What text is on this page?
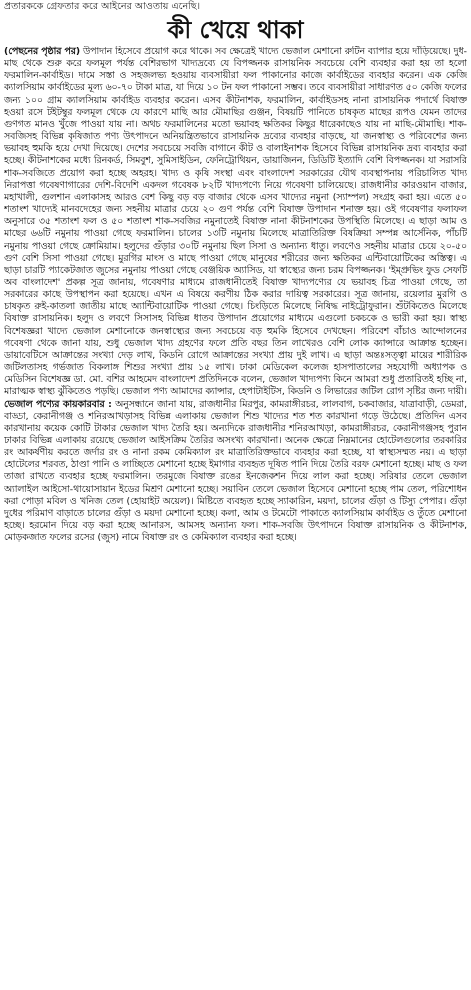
প্রতারককে গ্রেফতার করে আইনের আওতায় এনেছি।
কী খেয়ে থাকা

(পেছনের পৃষ্ঠার পর) উপাদান হিসেবে প্রয়োগ করে থাকে। সব ক্ষেত্রেই খাদ্যে ভেজাল মেশানো রুটিন ব্যাপার হয়ে দাঁড়িয়েছে। দুধ-মাছ থেকে শুরু করে ফলমূল পর্যন্ত বেশিরভাগ খাদ্যদ্রব্যে যে বিপজ্জনক রাসায়নিক সবচেয়ে বেশি ব্যবহার করা হয় তা হলো ফরমালিন-কার্বাইড। দামে সস্তা ও সহজলভ্য হওয়ায় ব্যবসায়ীরা ফল পাকানোর কাজে কার্বাইডের ব্যবহার করেন। এক কেজি ক্যালসিয়াম কার্বাইডের মূল্য ৬০-৭০ টাকা মাত্র, যা দিয়ে ১০ টন ফল পাকানো সম্ভব। তবে ব্যবসায়ীরা সাধারণত ৫০ কেজি ফলের জন্য ১০০ গ্রাম ক্যালসিয়াম কার্বাইড ব্যবহার করেন। এসব কীটনাশক, ফরমালিন, কার্বাইডসহ নানা রাসায়নিক পদার্থে বিষাক্ত হওয়া রসে টইটম্বুর ফলমূল থেকে যে কারণে মাছি আর মৌমাছির গুঞ্জন, বিষয়টি পানিতে চাষকৃত মাছের রূপও যেমন তাদের গুণগত মানও খুঁজে পাওয়া যায় না। অথচ ফরমালিনের মতো ভয়াবহ ক্ষতিকর কিছুর ধারেকাছেও যায় না মাছি-মৌমাছি। শাক-সবজিসহ বিভিন্ন কৃষিজাত পণ্য উৎপাদনে অনিয়ন্ত্রিতভাবে রাসায়নিক দ্রব্যের ব্যবহার বাড়ছে, যা জনস্বাস্থ্য ও পরিবেশের জন্য ভয়াবহ হুমকি হয়ে দেখা দিয়েছে। দেশের সবচেয়ে সবজি বাগানে কীট ও বালাইনাশক হিসেবে বিভিন্ন রাসায়নিক দ্রব্য ব্যবহার করা হচ্ছে। কীটনাশকের মধ্যে রিনকর্ড, সিমবুশ, সুমিসাইডিন, ফেনিট্রোথিয়ন, ডায়াজিনন, ডিডিটি ইত্যাদি বেশি বিপজ্জনক। যা সরাসরি শাক-সবজিতে প্রয়োগ করা হচ্ছে অহরহ। খাদ্য ও কৃষি সংস্থা এবং বাংলাদেশ সরকারের যৌথ ব্যবস্থাপনায় পরিচালিত খাদ্য নিরাপত্তা গবেষণাগারের দেশি-বিদেশি একদল গবেষক ৮২টি খাদ্যপণ্যে নিয়ে গবেষণা চালিয়েছে। রাজধানীর কারওয়ান বাজার, মহাখালী, গুলশান এলাকাসহ আরও বেশ কিছু বড় বড় বাজার থেকে এসব খাদ্যের নমুনা (স্যাম্পল) সংগ্রহ করা হয়। এতে ৫০ শতাংশ খাদ্যেই মানবদেহের জন্য সহনীয় মাত্রার চেয়ে ২০ গুণ পর্যন্ত বেশি বিষাক্ত উপাদান শনাক্ত হয়। ওই গবেষণার ফলাফল অনুসারে ৩৫ শতাংশ ফল ও ৫০ শতাংশ শাক-সবজির নমুনাতেই বিষাক্ত নানা কীটনাশকের উপস্থিতি মিলেছে। এ ছাড়া আম ও মাছের ৬৬টি নমুনায় পাওয়া গেছে ফরমালিন। চালের ১৩টি নমুনায় মিলেছে মাত্রাতিরিক্ত বিষক্রিয়া সম্পন্ন আর্সেনিক, পাঁচটি নমুনায় পাওয়া গেছে ক্রোমিয়াম। হলুদের গুঁড়ার ৩০টি নমুনায় ছিল সিসা ও অন্যান্য ধাতু। লবণেও সহনীয় মাত্রার চেয়ে ২০-৫০ গুণ বেশি সিসা পাওয়া গেছে। মুরগির মাংস ও মাছে পাওয়া গেছে মানুষের শরীরের জন্য ক্ষতিকর এন্টিবায়োটিকের অস্তিত্ব। এ ছাড়া চারটি প্যাকেটজাত জুসের নমুনায় পাওয়া গেছে বেঞ্জয়িক অ্যাসিড, যা স্বাস্থ্যের জন্য চরম বিপজ্জনক। 'ইম্প্রুভিং ফুড সেফটি অব বাংলাদেশ' প্রকল্প সূত্র জানায়, গবেষণার মাধ্যমে রাজধানীতেই বিষাক্ত খাদ্যপণ্যের যে ভয়াবহ চিত্র পাওয়া গেছে, তা সরকারের কাছে উপস্থাপন করা হয়েছে। এখন এ বিষয়ে করণীয় ঠিক করার দায়িত্ব সরকারের। সূত্র জানায়, রয়েলার মুরগি ও চাষকৃত রুই-কাতলা জাতীয় মাছে অ্যান্টিবায়োটিক পাওয়া গেছে। চিংড়িতে মিলেছে নিষিদ্ধ নাইট্রোফুরান। শুঁটকিতেও মিলেছে বিষাক্ত রাসায়নিক। হলুদ ও লবণে সিসাসহ বিভিন্ন ধাতব উপাদান প্রয়োগের মাধ্যমে এগুলো চকচকে ও ভারী করা হয়। স্বাস্থ্য বিশেষজ্ঞরা খাদ্যে ভেজাল মেশানোকে জনস্বাস্থ্যের জন্য সবচেয়ে বড় হুমকি হিসেবে দেখছেন। পরিবেশ বাঁচাও আন্দোলনের গবেষণা থেকে জানা যায়, শুধু ভেজাল খাদ্য গ্রহণের ফলে প্রতি বছর তিন লাখেরও বেশি লোক ক্যান্সারে আক্রান্ত হচ্ছেন। ডায়াবেটিসে আক্রান্তের সংখ্যা দেড় লাখ, কিডনি রোগে আক্রান্তের সংখ্যা প্রায় দুই লাখ। এ ছাড়া অন্তঃসত্ত্বা মায়ের শারীরিক জটিলতাসহ গর্ভজাত বিকলাঙ্গ শিশুর সংখ্যা প্রায় ১৫ লাখ। ঢাকা মেডিকেল কলেজ হাসপাতালের সহযোগী অধ্যাপক ও মেডিসিন বিশেষজ্ঞ ডা. মো. বশির আহমেদ বাংলাদেশ প্রতিদিনকে বলেন, ভেজাল খাদ্যপণ্য কিনে আমরা শুধু প্রতারিতই হচ্ছি না, মারাত্মক স্বাস্থ্য ঝুঁকিতেও পড়ছি। ভেজাল পণ্য আমাদের ক্যান্সার, হেপাটাইটিস, কিডনি ও লিভারের জটিল রোগ সৃষ্টির জন্য দায়ী।

ভেজাল পণ্যের কায়কারবার : অনুসন্ধানে জানা যায়, রাজধানীর মিরপুর, কামরাঙ্গীরচর, লালবাগ, চকবাজার, যাত্রাবাড়ী, ডেমরা, বাড্ডা, কেরানীগঞ্জ ও শনিরআখড়াসহ বিভিন্ন এলাকায় ভেজাল শিশু খাদ্যের শত শত কারখানা গড়ে উঠেছে। প্রতিদিন এসব কারখানায় কয়েক কোটি টাকার ভেজাল খাদ্য তৈরি হয়। অন্যদিকে রাজধানীর শনিরআখড়া, কামরাঙ্গীরচর, কেরানীগঞ্জসহ পুরান ঢাকার বিভিন্ন এলাকায় রয়েছে ভেজাল আইসক্রিম তৈরির অসংখ্য কারখানা। অনেক ক্ষেত্রে নিম্নমানের হোটেলগুলোর তরকারির রং আকর্ষণীয় করতে জর্দার রং ও নানা রকম কেমিক্যাল রং মাত্রাতিরিক্তভাবে ব্যবহার করা হচ্ছে, যা স্বাস্থ্যসম্মত নয়। এ ছাড়া হোটেলের শরবত, ঠাণ্ডা পানি ও লাচ্ছিতে মেশানো হচ্ছে ইমাগার ব্যবহৃত দূষিত পানি দিয়ে তৈরি বরফ মেশানো হচ্ছে। মাছ ও ফল তাজা রাখতে ব্যবহার হচ্ছে ফরমালিন। তরমুজে বিষাক্ত রঙের ইনজেকশন দিয়ে লাল করা হচ্ছে। সরিষার তেলে ভেজাল অ্যালাইল আইসো-থায়োসায়ান ইডের মিশ্রণ মেশানো হচ্ছে। সয়াবিন তেলে ভেজাল হিসেবে মেশানো হচ্ছে পাম তেল, পরিশোধন করা পোড়া মবিল ও খনিজ তেল (হোয়াইট অয়েল)। মিষ্টিতে ব্যবহৃত হচ্ছে স্যাকারিন, ময়দা, চালের গুঁড়া ও টিস্যু পেপার। গুঁড়া দুধের পরিমাণ বাড়াতে চালের গুঁড়া ও ময়দা মেশানো হচ্ছে। কলা, আম ও টমেটো পাকাতে ক্যালসিয়াম কার্বাইড ও তুঁতে মেশানো হচ্ছে। হরমোন দিয়ে বড় করা হচ্ছে আনারস, আমসহ অন্যান্য ফল। শাক-সবজি উৎপাদনে বিষাক্ত রাসায়নিক ও কীটনাশক, মোড়কজাত ফলের রসের (জুস) নামে বিষাক্ত রং ও কেমিক্যাল ব্যবহার করা হচ্ছে।
